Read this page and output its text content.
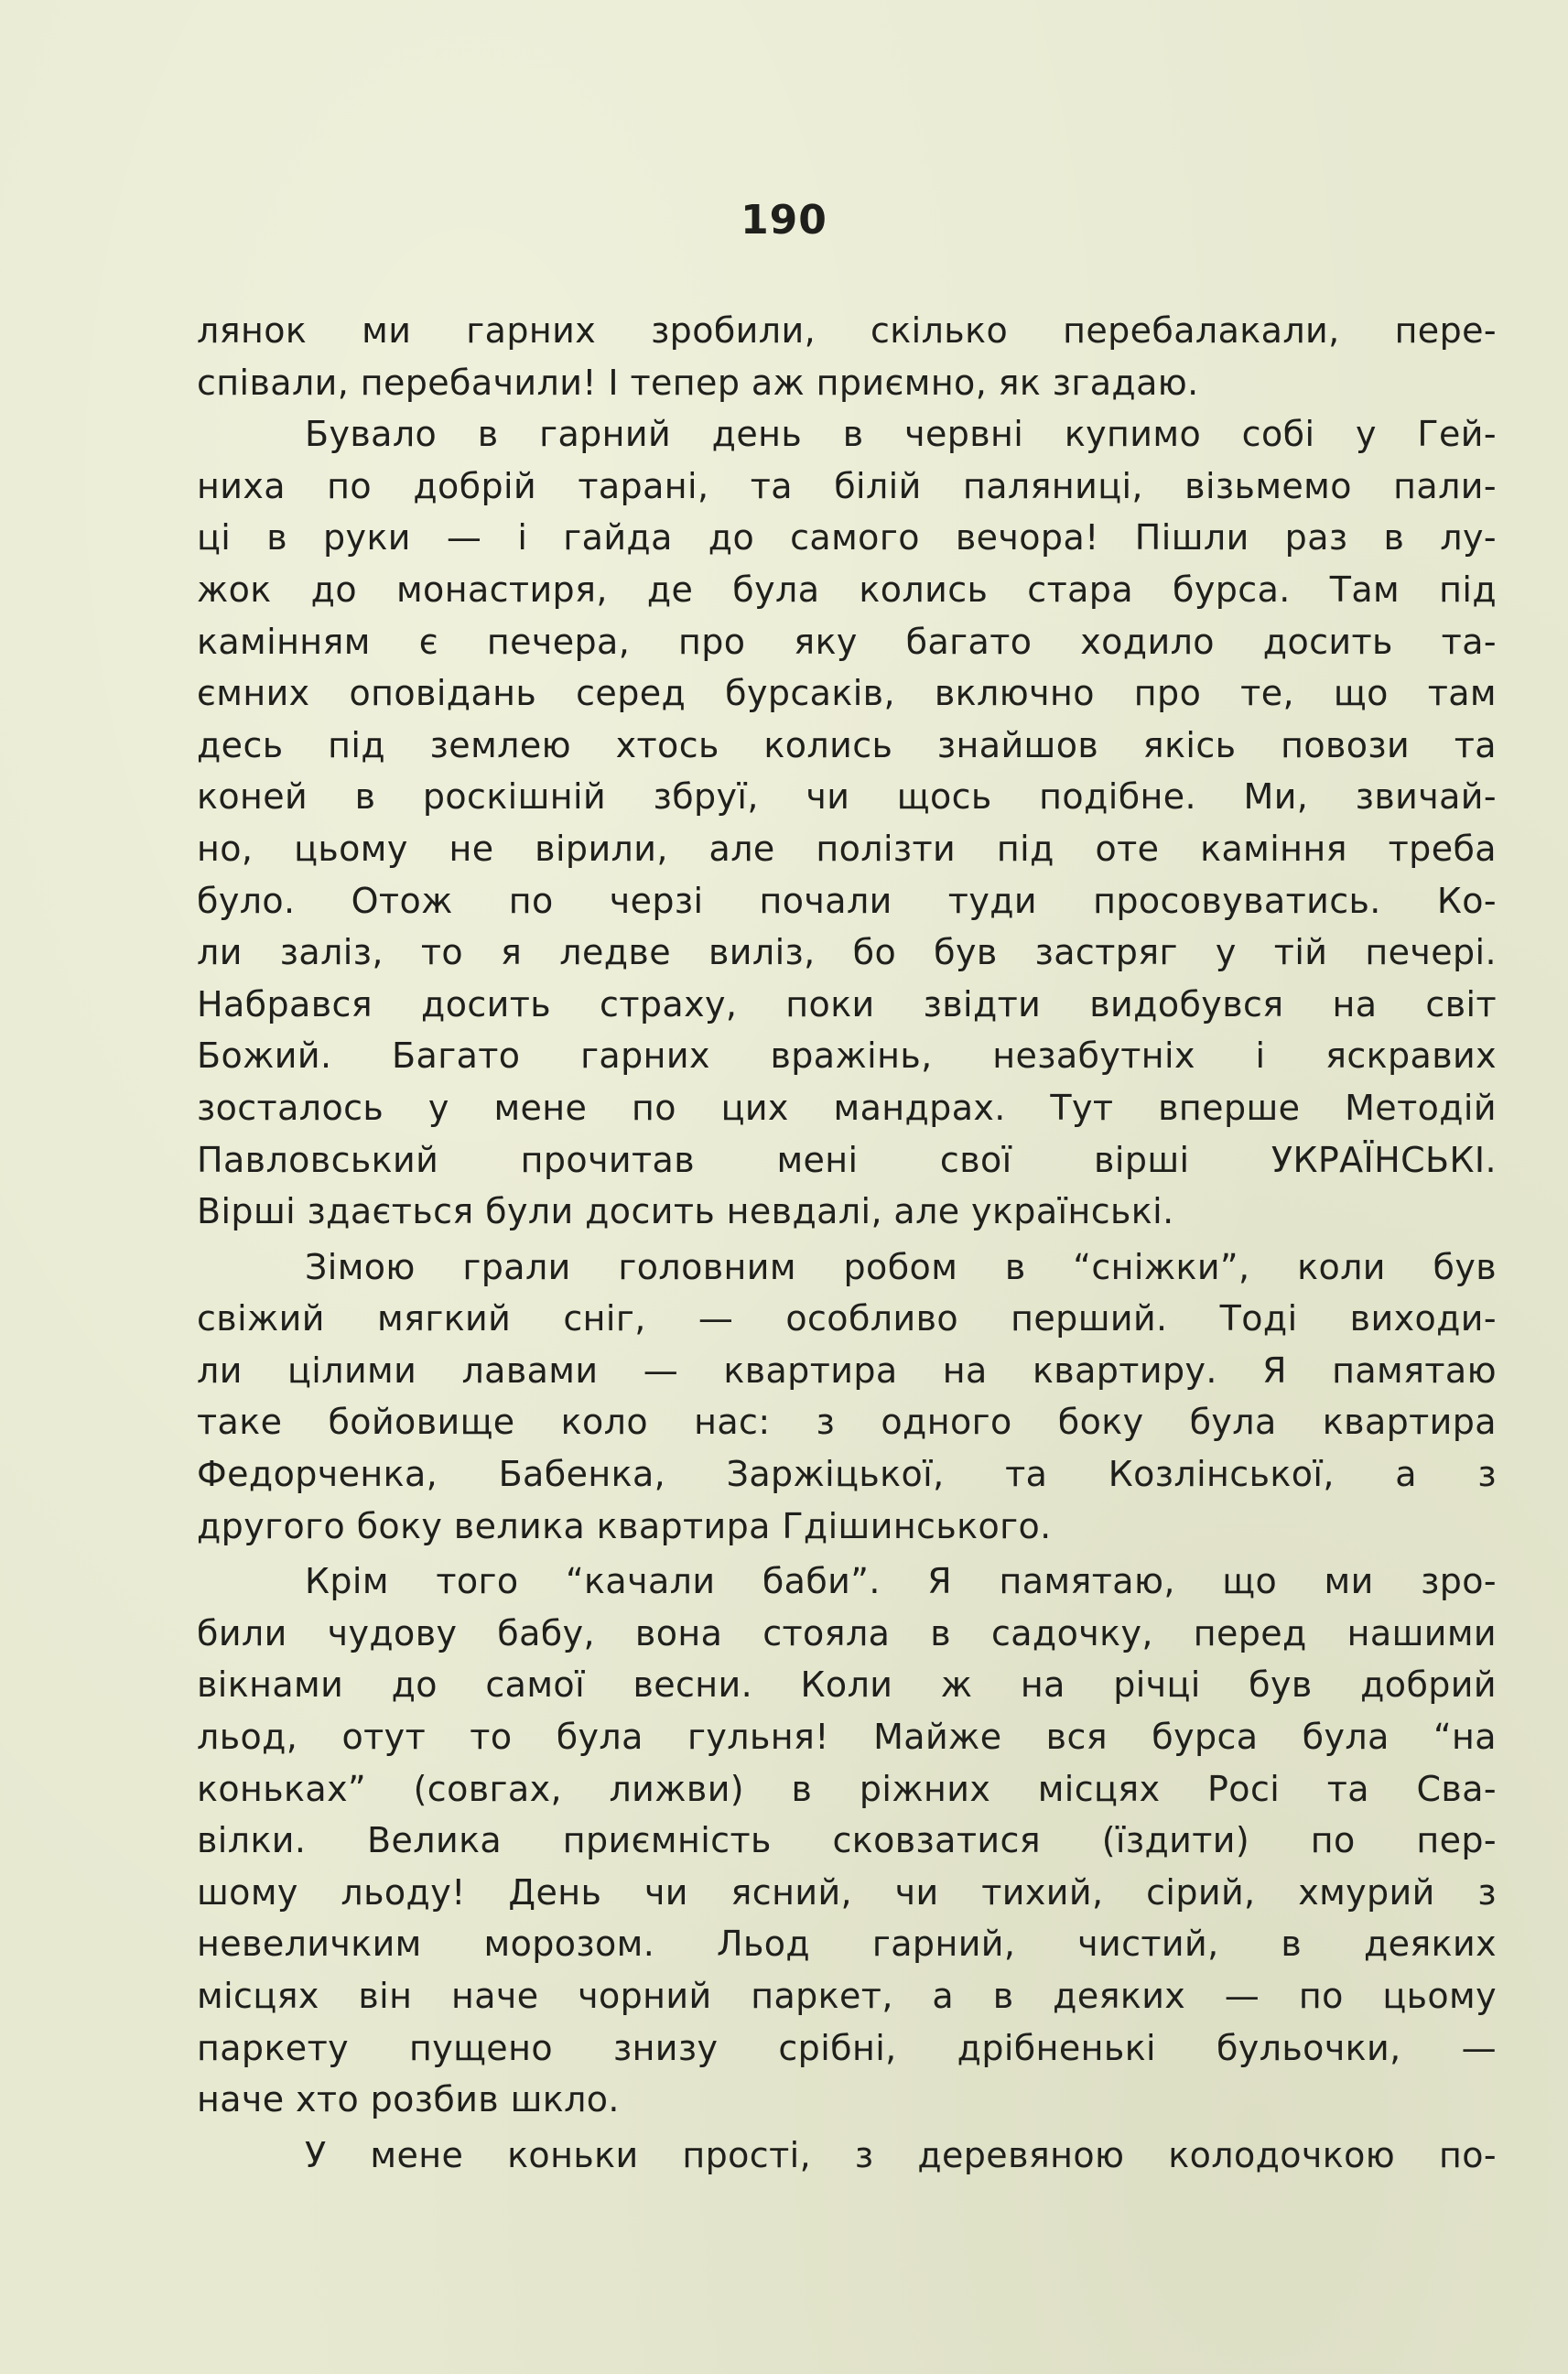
190
лянок ми гарних зробили, скілько перебалакали, пере-
співали, перебачили! І тепер аж приємно, як згадаю.
Бувало в гарний день в червні купимо собі у Гей-
ниха по добрій тарані, та білій паляниці, візьмемо пали-
ці в руки — і гайда до самого вечора! Пішли раз в лу-
жок до монастиря, де була колись стара бурса. Там під
камінням є печера, про яку багато ходило досить та-
ємних оповідань серед бурсаків, включно про те, що там
десь під землею хтось колись знайшов якісь повози та
коней в роскішній збруї, чи щось подібне. Ми, звичай-
но, цьому не вірили, але полізти під оте каміння треба
було. Отож по черзі почали туди просовуватись. Ко-
ли заліз, то я ледве виліз, бо був застряг у тій печері.
Набрався досить страху, поки звідти видобувся на світ
Божий. Багато гарних вражінь, незабутніх і яскравих
зосталось у мене по цих мандрах. Тут вперше Методій
Павловський прочитав мені свої вірші УКРАЇНСЬКІ.
Вірші здається були досить невдалі, але українські.
Зімою грали головним робом в “сніжки”, коли був
свіжий мягкий сніг, — особливо перший. Тоді виходи-
ли цілими лавами — квартира на квартиру. Я памятаю
таке бойовище коло нас: з одного боку була квартира
Федорченка, Бабенка, Заржіцької, та Козлінської, а з
другого боку велика квартира Гдішинського.
Крім того “качали баби”. Я памятаю, що ми зро-
били чудову бабу, вона стояла в садочку, перед нашими
вікнами до самої весни. Коли ж на річці був добрий
льод, отут то була гульня! Майже вся бурса була “на
коньках” (совгах, лижви) в ріжних місцях Росі та Сва-
вілки. Велика приємність сковзатися (їздити) по пер-
шому льоду! День чи ясний, чи тихий, сірий, хмурий з
невеличким морозом. Льод гарний, чистий, в деяких
місцях він наче чорний паркет, а в деяких — по цьому
паркету пущено знизу срібні, дрібненькі бульочки, —
наче хто розбив шкло.
У мене коньки прості, з деревяною колодочкою по-
